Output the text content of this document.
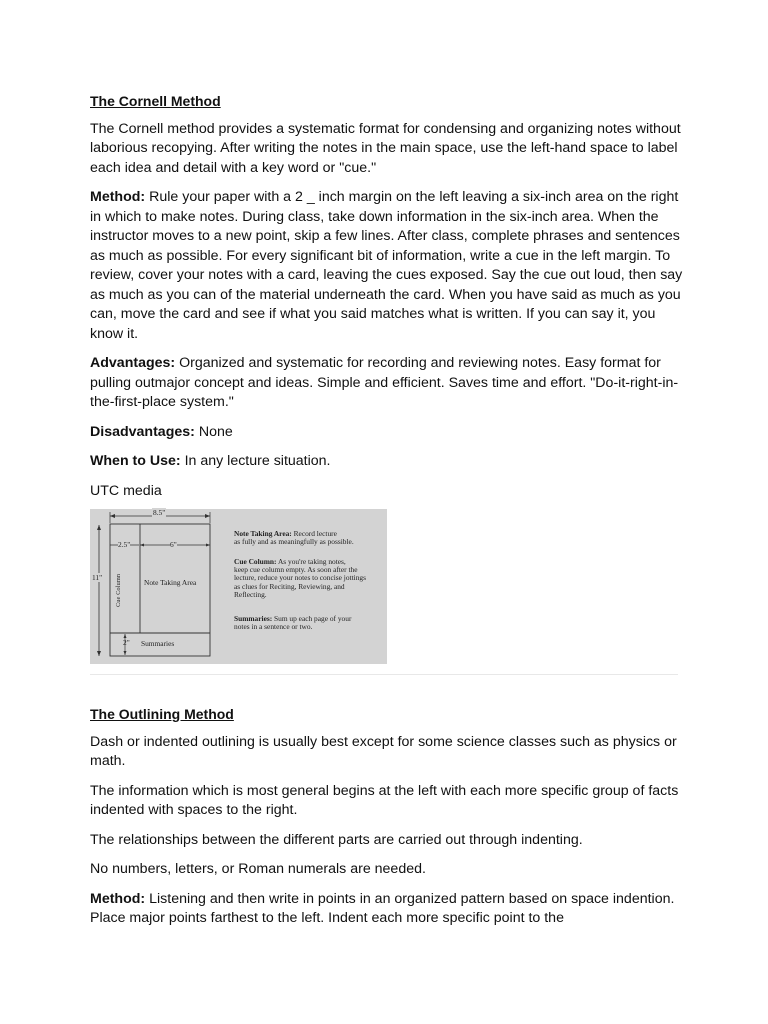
The Cornell Method

The Cornell method provides a systematic format for condensing and organizing notes without laborious recopying. After writing the notes in the main space, use the left-hand space to label each idea and detail with a key word or "cue."

Method: Rule your paper with a 2 _ inch margin on the left leaving a six-inch area on the right in which to make notes. During class, take down information in the six-inch area. When the instructor moves to a new point, skip a few lines. After class, complete phrases and sentences as much as possible. For every significant bit of information, write a cue in the left margin. To review, cover your notes with a card, leaving the cues exposed. Say the cue out loud, then say as much as you can of the material underneath the card. When you have said as much as you can, move the card and see if what you said matches what is written. If you can say it, you know it.

Advantages: Organized and systematic for recording and reviewing notes. Easy format for pulling outmajor concept and ideas. Simple and efficient. Saves time and effort. "Do-it-right-in-the-first-place system."

Disadvantages: None

When to Use: In any lecture situation.

UTC media

8.5"
2.5"	6"
11"
2"
Cue Column	Note Taking Area
Summaries
Note Taking Area: Record lecture
as fully and as meaningfully as possible.
Cue Column: As you're taking notes,
keep cue column empty. As soon after the
lecture, reduce your notes to concise jottings
as clues for Reciting, Reviewing, and
Reflecting.
Summaries: Sum up each page of your
notes in a sentence or two.
The Outlining Method

Dash or indented outlining is usually best except for some science classes such as physics or math.

The information which is most general begins at the left with each more specific group of facts indented with spaces to the right.

The relationships between the different parts are carried out through indenting.

No numbers, letters, or Roman numerals are needed.

Method: Listening and then write in points in an organized pattern based on space indention. Place major points farthest to the left. Indent each more specific point to the
